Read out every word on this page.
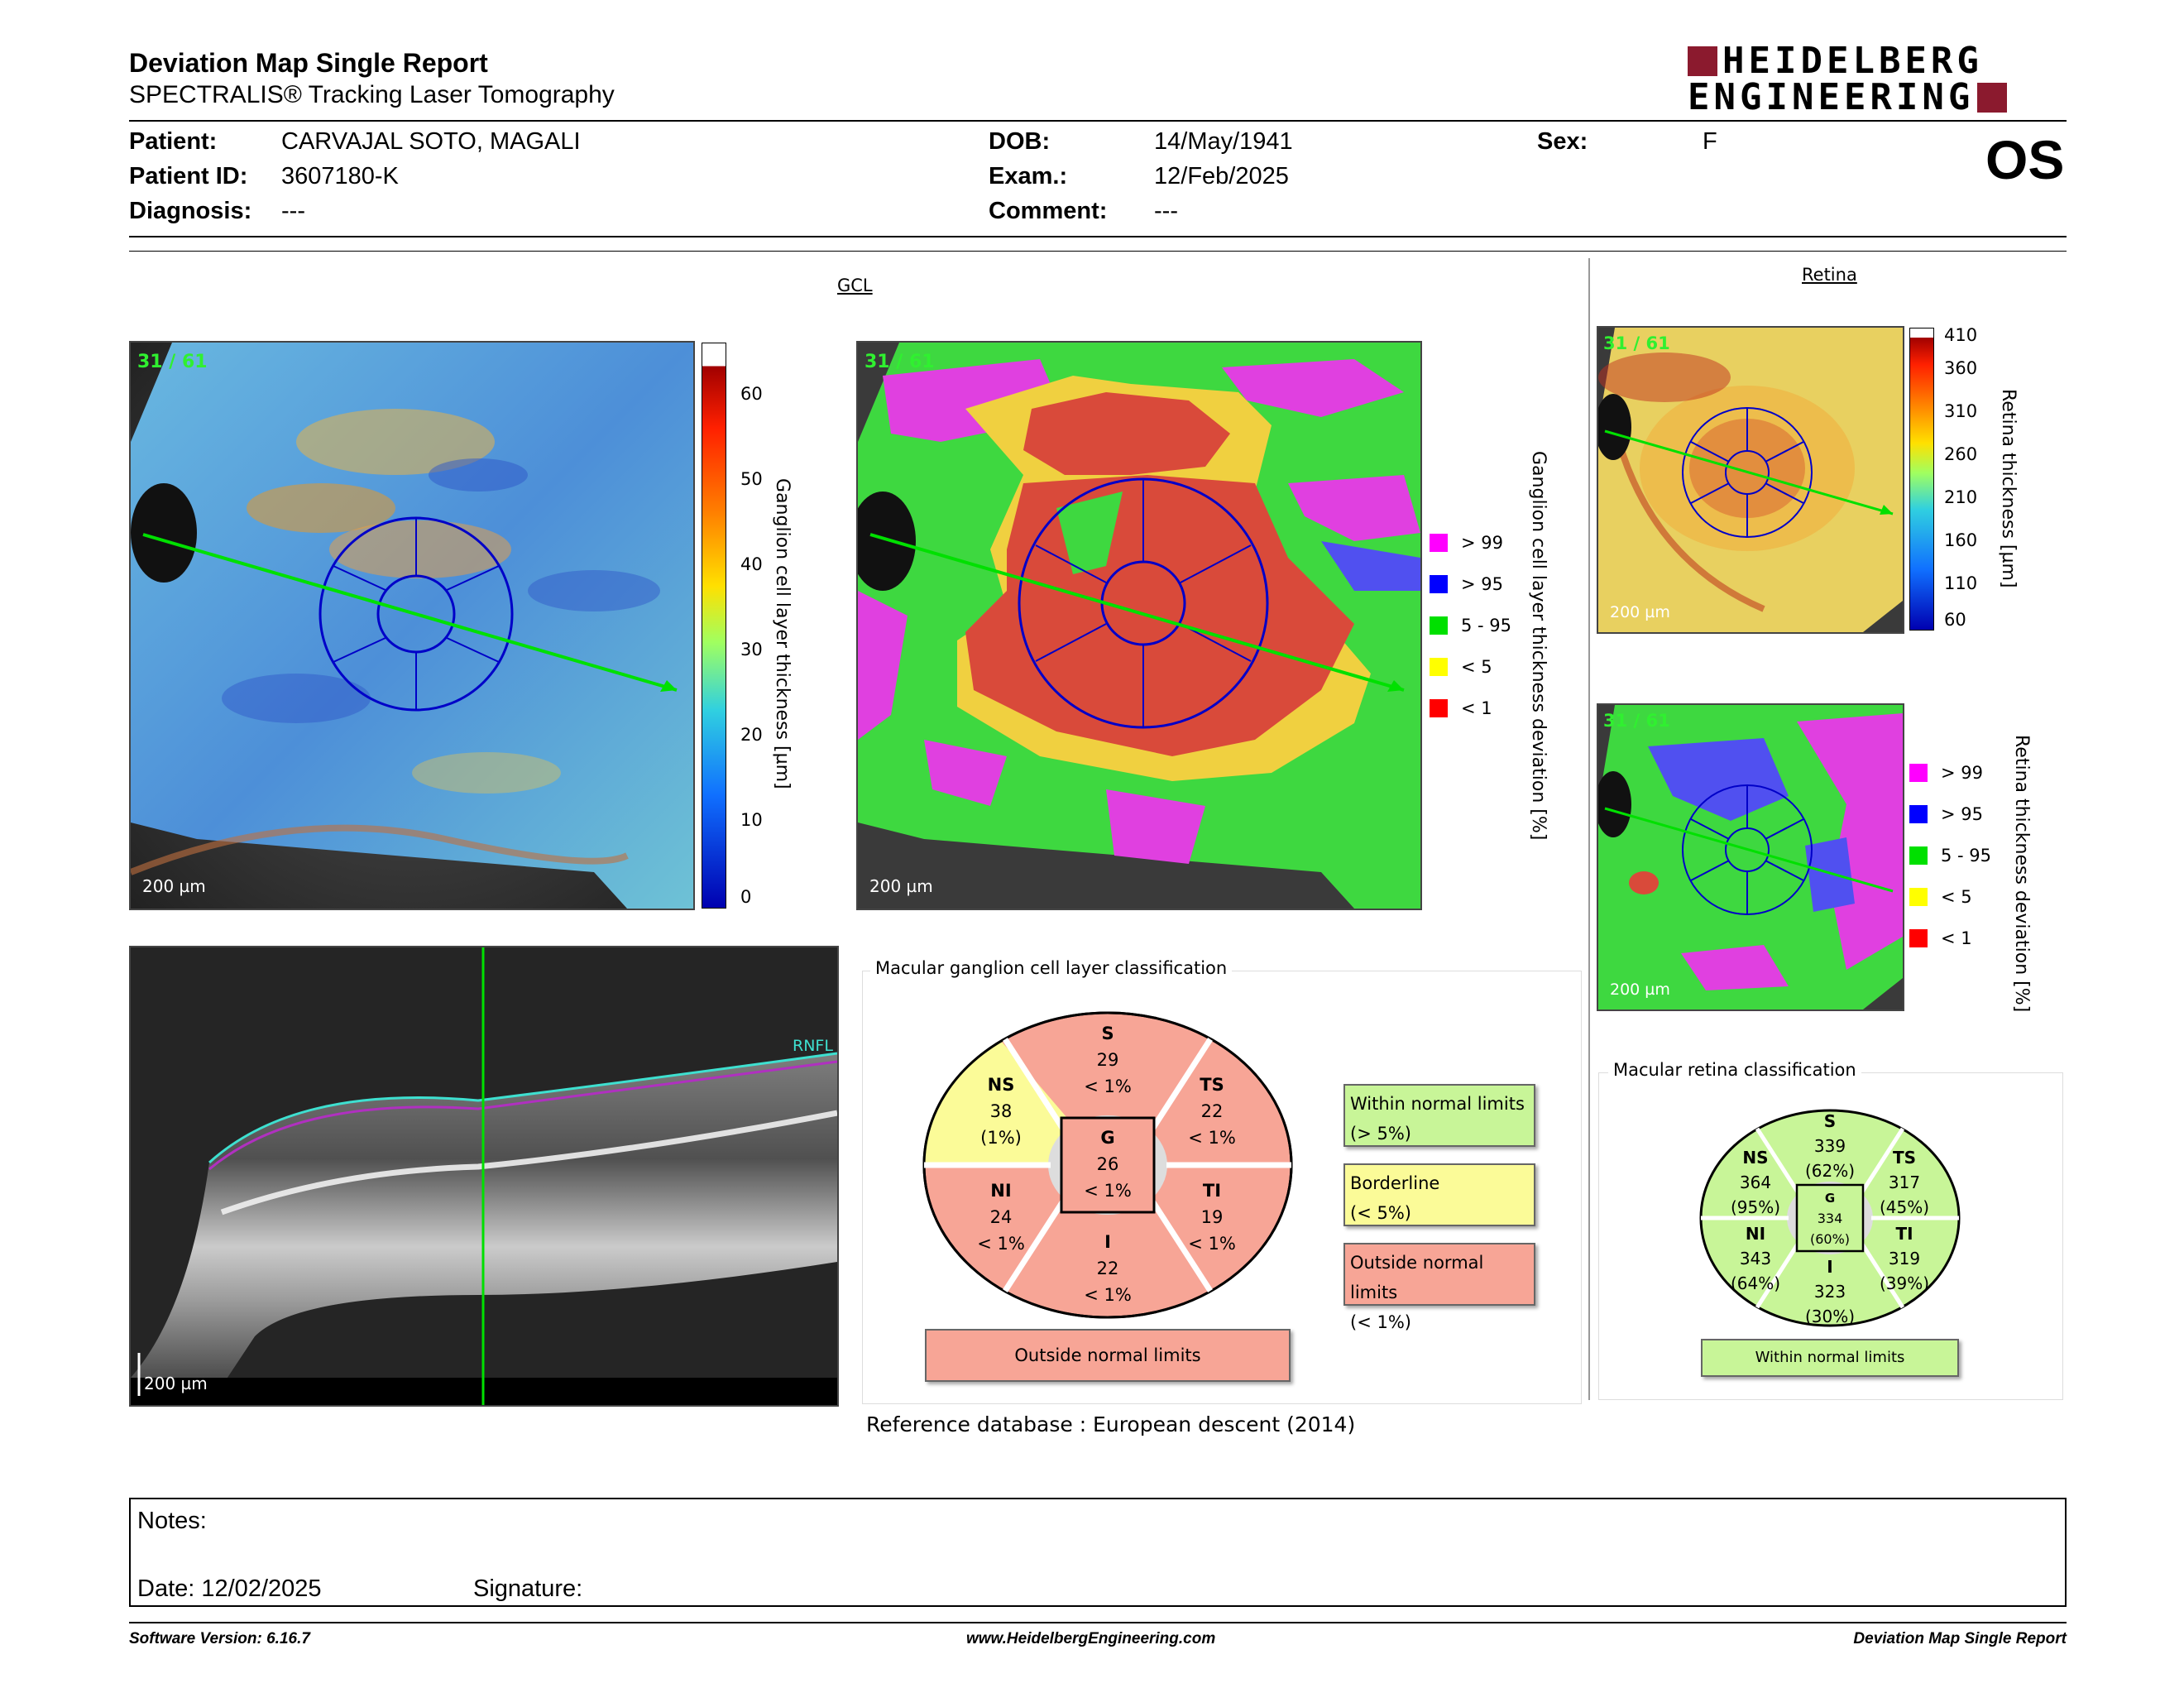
Deviation Map Single Report
SPECTRALIS® Tracking Laser Tomography
HEIDELBERG
ENGINEERING
Patient:	CARVAJAL SOTO, MAGALI
Patient ID: 3607180-K
Diagnosis: ---
DOB:	14/May/1941
Exam.:	12/Feb/2025
Comment: ---
Sex:	F	OS
GCL
31 / 61
200 µm
60
50
40
30
20
10
0
Ganglion cell layer thickness [µm]
31 / 61
200 µm
> 99
> 95
5 - 95
< 5
< 1 Ganglion cell layer thickness deviation [%]
RNFL
200 µm
Macular ganglion cell layer classification
S
29
< 1%
NS
38
(1%)
TS
22
< 1%
G
26
< 1%
NI
24
< 1%
TI
19
< 1%
I
22
< 1%
Within normal limits
(> 5%)
Borderline
(< 5%)
Outside normal limits
(< 1%)
Outside normal limits
Reference database : European descent (2014)
Retina
31 / 61
200 µm
410
360
310
260
210
160
110
60
Retina thickness [µm]
31 / 61
200 µm
> 99
> 95
5 - 95
< 5
< 1 Retina thickness deviation [%]
Macular retina classification
S
339
(62%)
NS
364
(95%)
TS
317
(45%)
G
334
(60%)
NI
343
(64%)
TI
319
(39%)
I
323
(30%)
Within normal limits
Notes:
Date: 12/02/2025	Signature:
Software Version: 6.16.7	www.HeidelbergEngineering.com	Deviation Map Single Report
